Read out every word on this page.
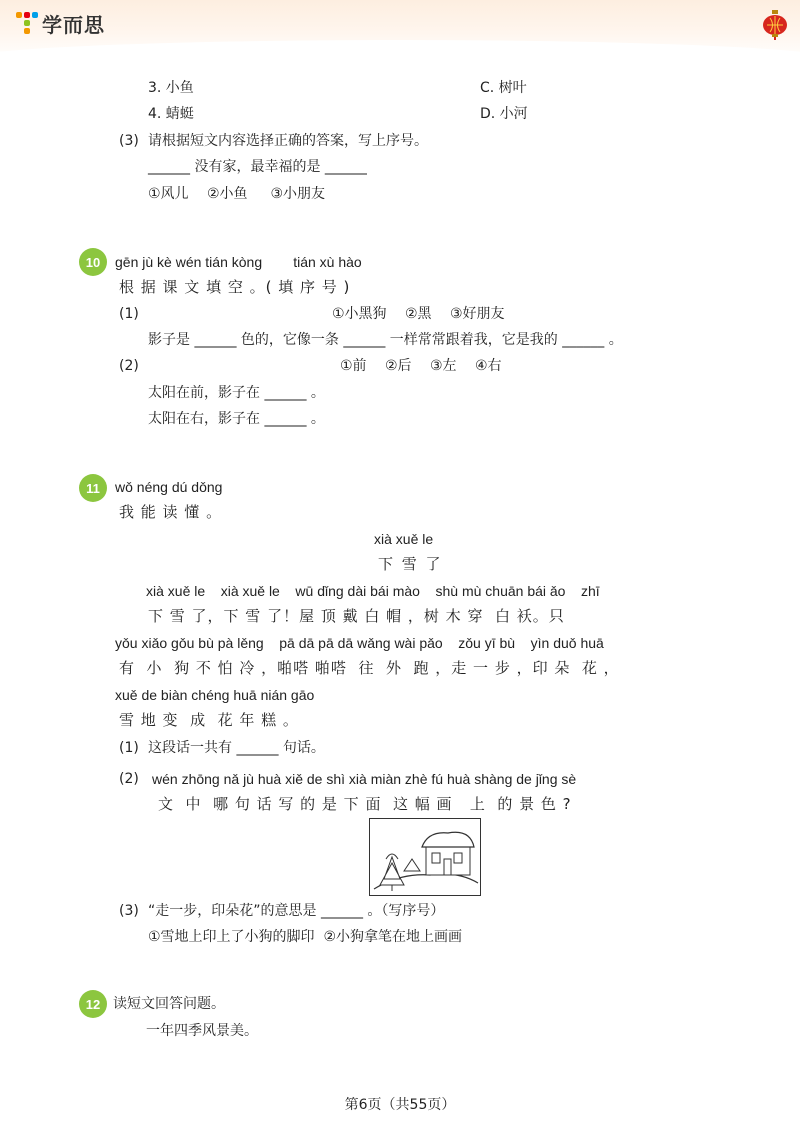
学而思
3. 小鱼	C. 树叶
4. 蜻蜓	D. 小河
(3) 请根据短文内容选择正确的答案，写上序号。
______ 没有家，最幸福的是 ______
①风儿　 ②小鱼 　 ③小朋友
10	gēn jù kè wén tián kòng        tián xù hào
根 据 课 文 填 空 。( 填 序 号 )
(1)	①小黑狗 　②黑 　③好朋友
影子是 ______ 色的，它像一条 ______ 一样常常跟着我，它是我的 ______ 。
(2)	①前　 ②后 　③左　 ④右
太阳在前，影子在 ______ 。
太阳在右，影子在 ______ 。
11	wǒ néng dú dǒng
我 能 读 懂 。
xià xuě le
下 雪 了
xià xuě le    xià xuě le    wū dǐng dài bái mào    shù mù chuān bái ǎo    zhī
下 雪 了，下 雪 了！屋 顶 戴 白 帽 ，树 木 穿  白 袄。只
yǒu xiǎo gǒu bù pà lěng    pā dā pā dā wǎng wài pǎo    zǒu yī bù    yìn duǒ huā
有  小  狗 不 怕 冷 ，啪嗒 啪嗒  往  外  跑 ，走 一 步 ，印 朵  花 ，
xuě de biàn chéng huā nián gāo
雪 地 变  成  花 年 糕 。
(1) 这段话一共有 ______ 句话。
(2) wén zhōng nǎ jù huà xiě de shì xià miàn zhè fú huà shàng de jǐng sè
文  中  哪 句 话 写 的 是 下 面  这 幅 画   上  的 景 色 ?
(3) “走一步，印朵花”的意思是 ______ 。（写序号）
①雪地上印上了小狗的脚印  ②小狗拿笔在地上画画
12 读短文回答问题。
一年四季风景美。
第6页（共55页）
